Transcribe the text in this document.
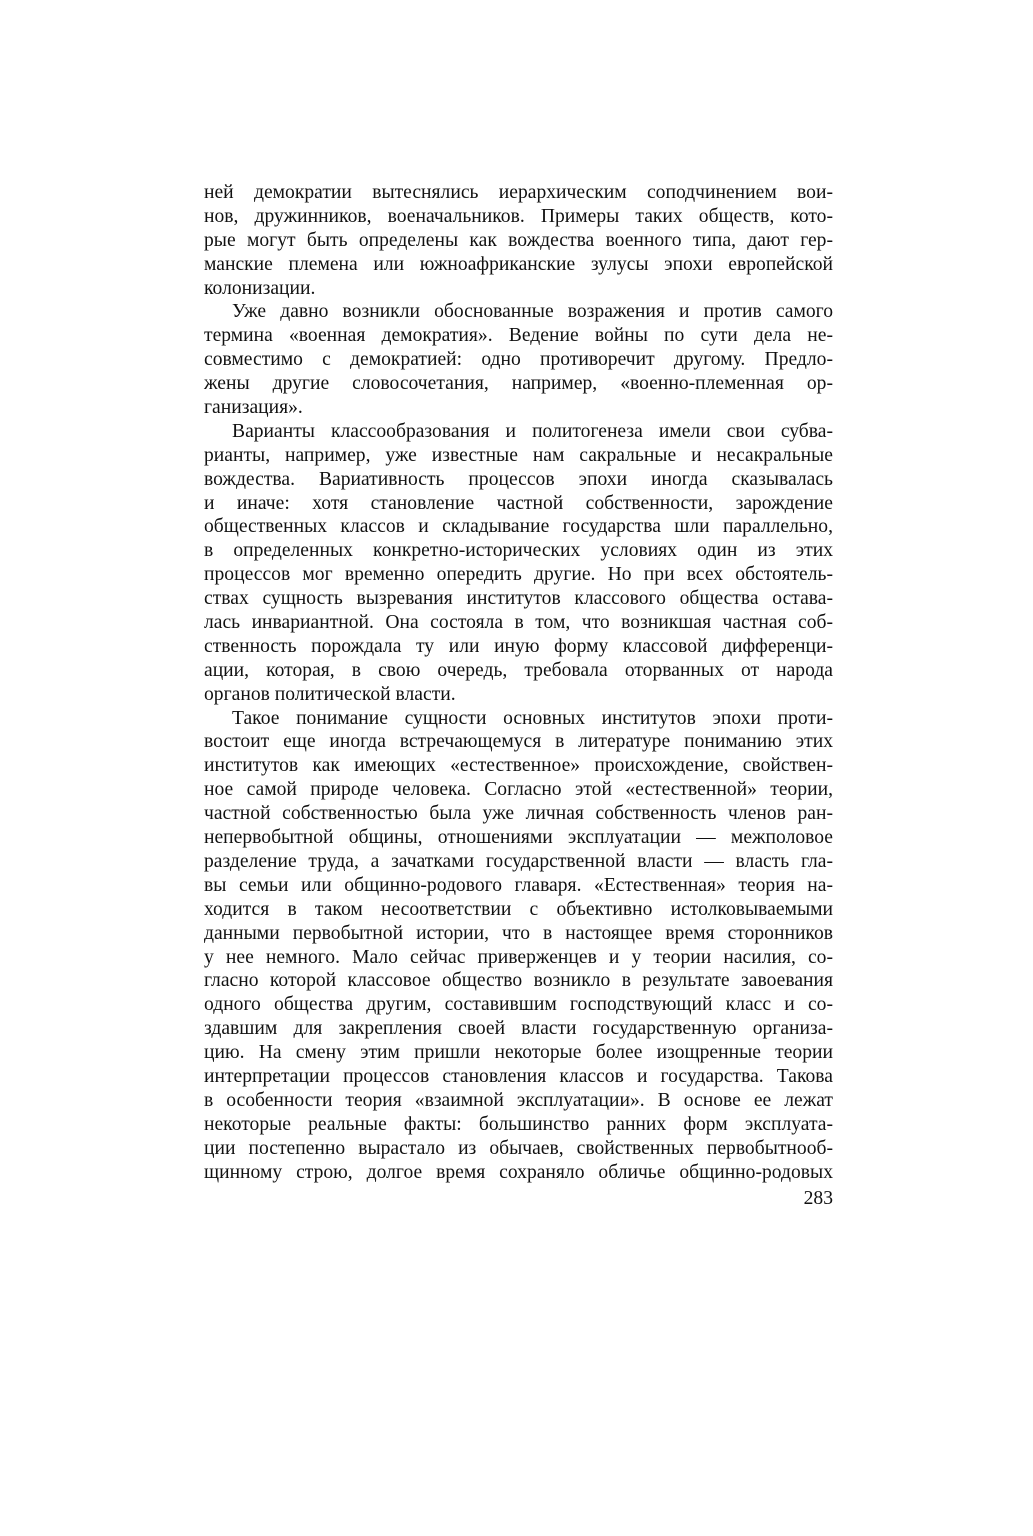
ней демократии вытеснялись иерархическим соподчинением вои-
нов, дружинников, военачальников. Примеры таких обществ, кото-
рые могут быть определены как вождества военного типа, дают гер-
манские племена или южноафриканские зулусы эпохи европейской
колонизации.
Уже давно возникли обоснованные возражения и против самого
термина «военная демократия». Ведение войны по сути дела не-
совместимо с демократией: одно противоречит другому. Предло-
жены другие словосочетания, например, «военно-племенная ор-
ганизация».
Варианты классообразования и политогенеза имели свои субва-
рианты, например, уже известные нам сакральные и несакральные
вождества. Вариативность процессов эпохи иногда сказывалась
и иначе: хотя становление частной собственности, зарождение
общественных классов и складывание государства шли параллельно,
в определенных конкретно-исторических условиях один из этих
процессов мог временно опередить другие. Но при всех обстоятель-
ствах сущность вызревания институтов классового общества остава-
лась инвариантной. Она состояла в том, что возникшая частная соб-
ственность порождала ту или иную форму классовой дифференци-
ации, которая, в свою очередь, требовала оторванных от народа
органов политической власти.
Такое понимание сущности основных институтов эпохи проти-
востоит еще иногда встречающемуся в литературе пониманию этих
институтов как имеющих «естественное» происхождение, свойствен-
ное самой природе человека. Согласно этой «естественной» теории,
частной собственностью была уже личная собственность членов ран-
непервобытной общины, отношениями эксплуатации — межполовое
разделение труда, а зачатками государственной власти — власть гла-
вы семьи или общинно-родового главаря. «Естественная» теория на-
ходится в таком несоответствии с объективно истолковываемыми
данными первобытной истории, что в настоящее время сторонников
у нее немного. Мало сейчас приверженцев и у теории насилия, со-
гласно которой классовое общество возникло в результате завоевания
одного общества другим, составившим господствующий класс и со-
здавшим для закрепления своей власти государственную организа-
цию. На смену этим пришли некоторые более изощренные теории
интерпретации процессов становления классов и государства. Такова
в особенности теория «взаимной эксплуатации». В основе ее лежат
некоторые реальные факты: большинство ранних форм эксплуата-
ции постепенно вырастало из обычаев, свойственных первобытнооб-
щинному строю, долгое время сохраняло обличье общинно-родовых
283
